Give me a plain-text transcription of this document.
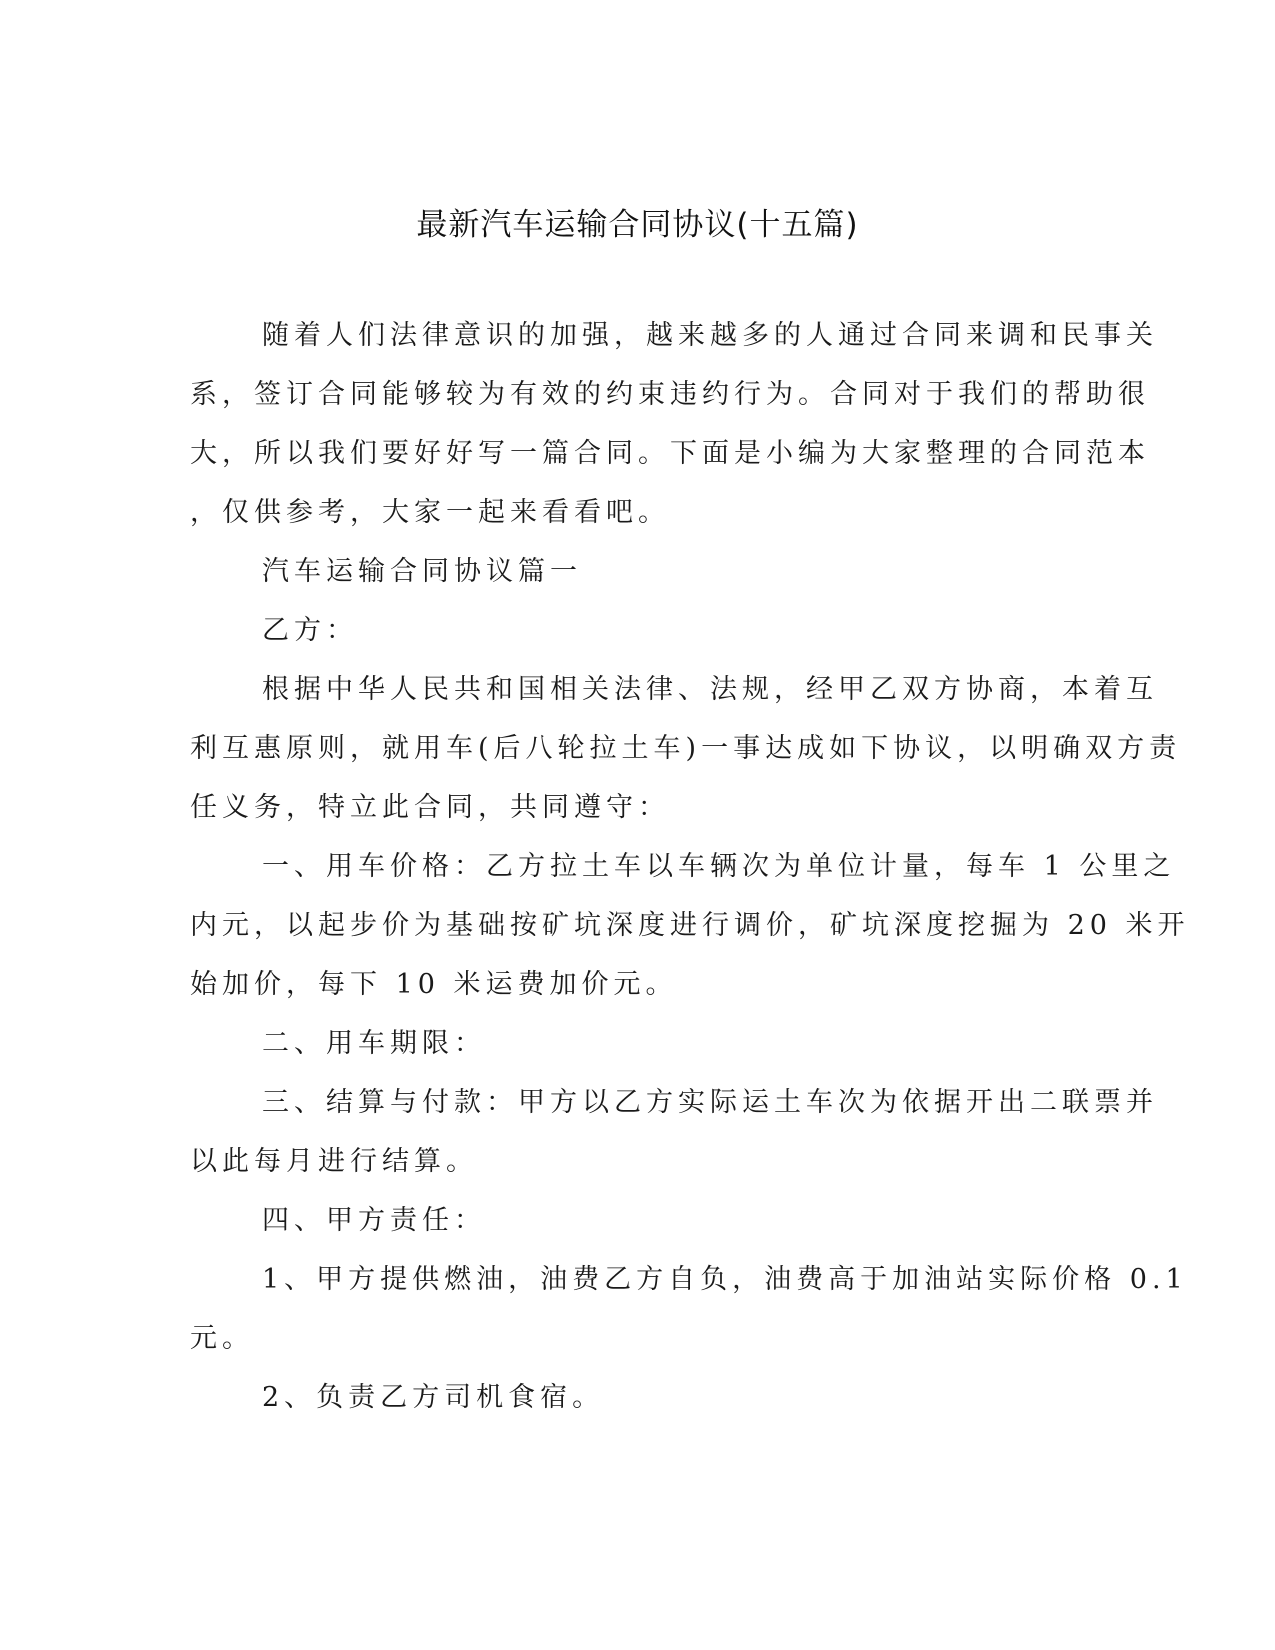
最新汽车运输合同协议(十五篇)
随着人们法律意识的加强，越来越多的人通过合同来调和民事关
系，签订合同能够较为有效的约束违约行为。合同对于我们的帮助很
大，所以我们要好好写一篇合同。下面是小编为大家整理的合同范本
，仅供参考，大家一起来看看吧。
汽车运输合同协议篇一
乙方：
根据中华人民共和国相关法律、法规，经甲乙双方协商，本着互
利互惠原则，就用车(后八轮拉土车)一事达成如下协议，以明确双方责
任义务，特立此合同，共同遵守：
一、用车价格：乙方拉土车以车辆次为单位计量，每车 1 公里之
内元，以起步价为基础按矿坑深度进行调价，矿坑深度挖掘为 20 米开
始加价，每下 10 米运费加价元。
二、用车期限：
三、结算与付款：甲方以乙方实际运土车次为依据开出二联票并
以此每月进行结算。
四、甲方责任：
1、甲方提供燃油，油费乙方自负，油费高于加油站实际价格 0.1
元。
2、负责乙方司机食宿。
